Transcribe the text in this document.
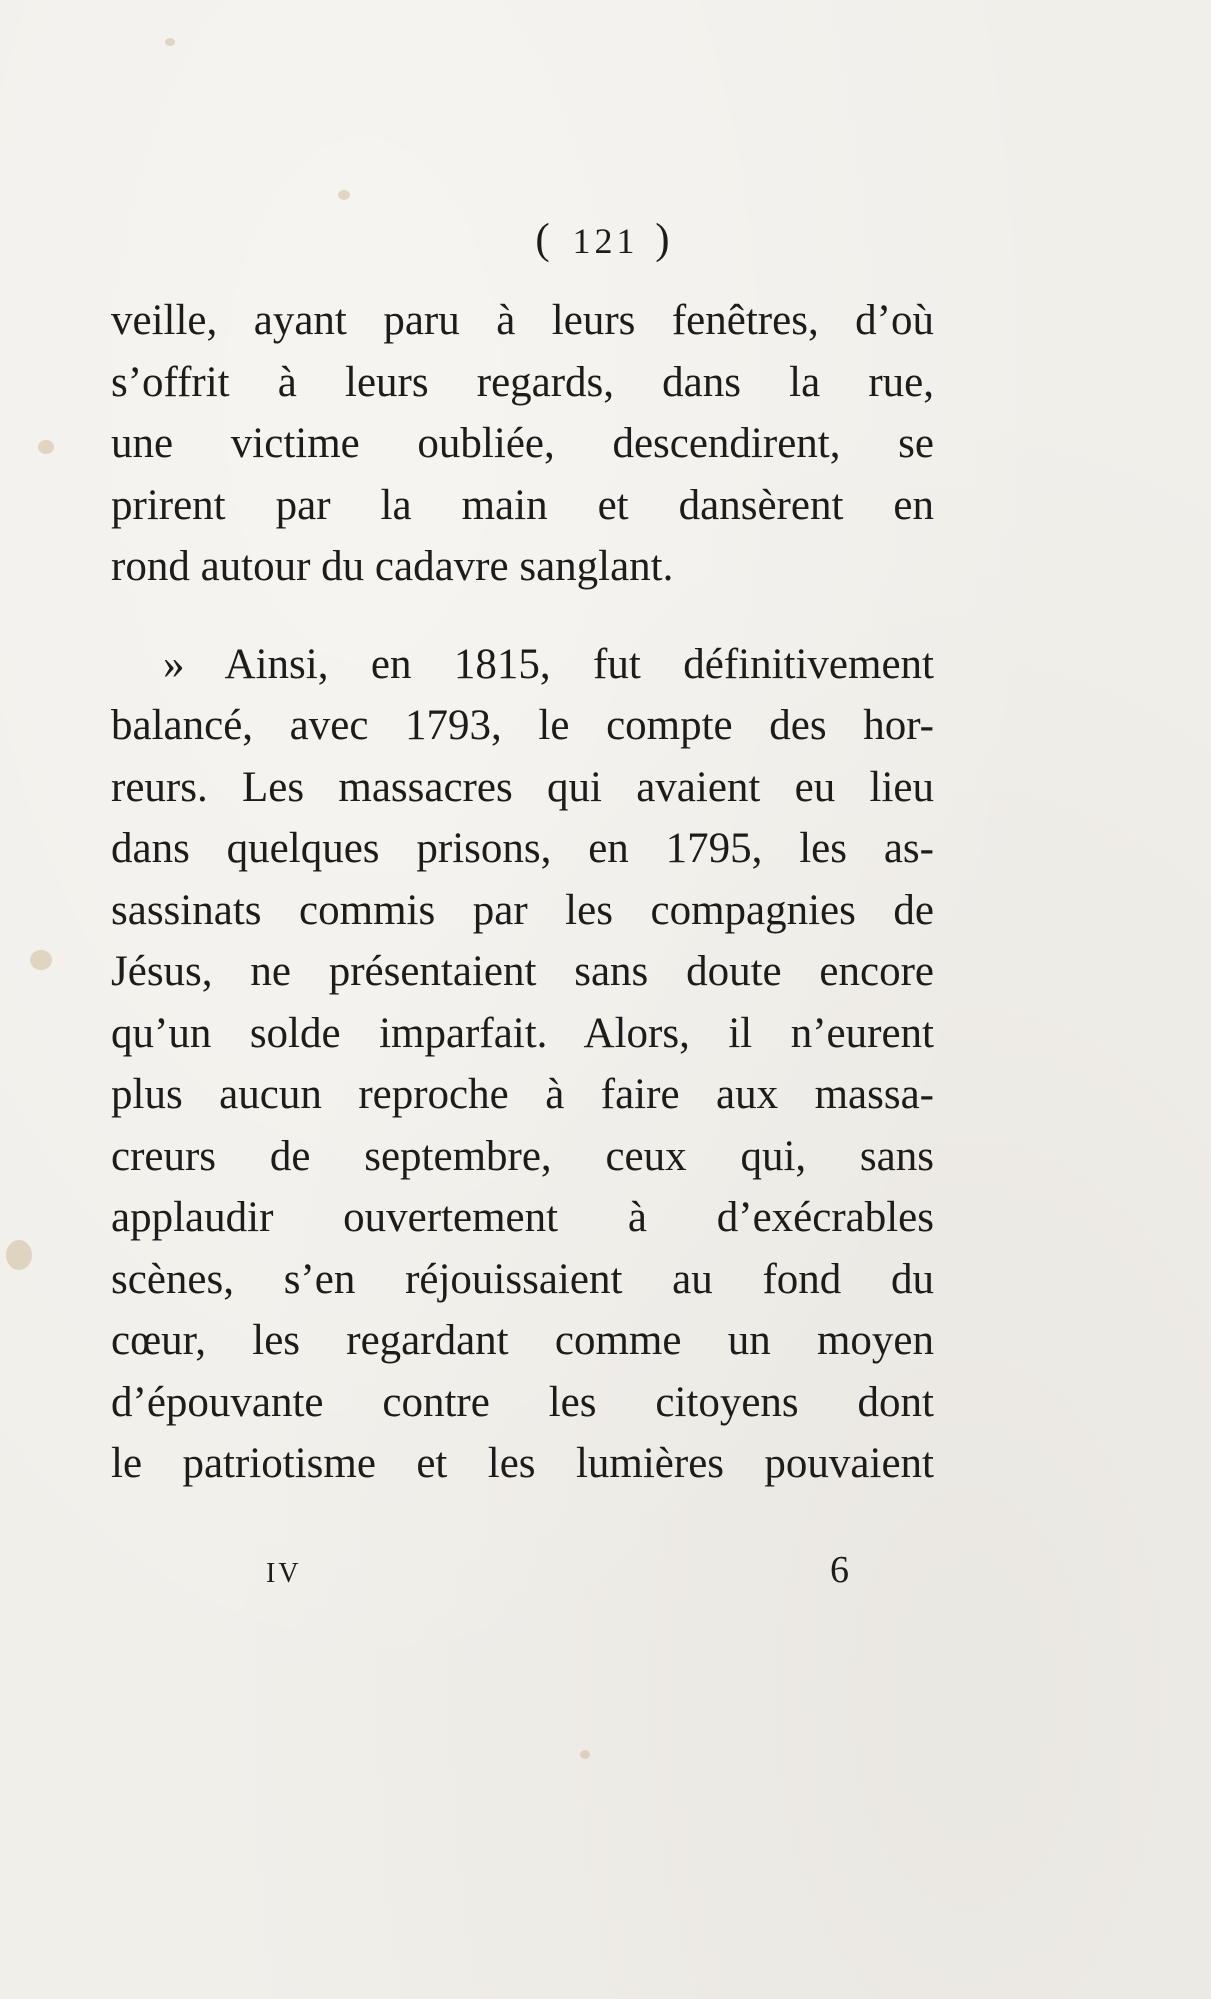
( 121 )
veille, ayant paru à leurs fenêtres, d’où
s’offrit à leurs regards, dans la rue,
une victime oubliée, descendirent, se
prirent par la main et dansèrent en
rond autour du cadavre sanglant.
» Ainsi, en 1815, fut définitivement
balancé, avec 1793, le compte des hor-
reurs. Les massacres qui avaient eu lieu
dans quelques prisons, en 1795, les as-
sassinats commis par les compagnies de
Jésus, ne présentaient sans doute encore
qu’un solde imparfait. Alors, il n’eurent
plus aucun reproche à faire aux massa-
creurs de septembre, ceux qui, sans
applaudir ouvertement à d’exécrables
scènes, s’en réjouissaient au fond du
cœur, les regardant comme un moyen
d’épouvante contre les citoyens dont
le patriotisme et les lumières pouvaient
IV	6
